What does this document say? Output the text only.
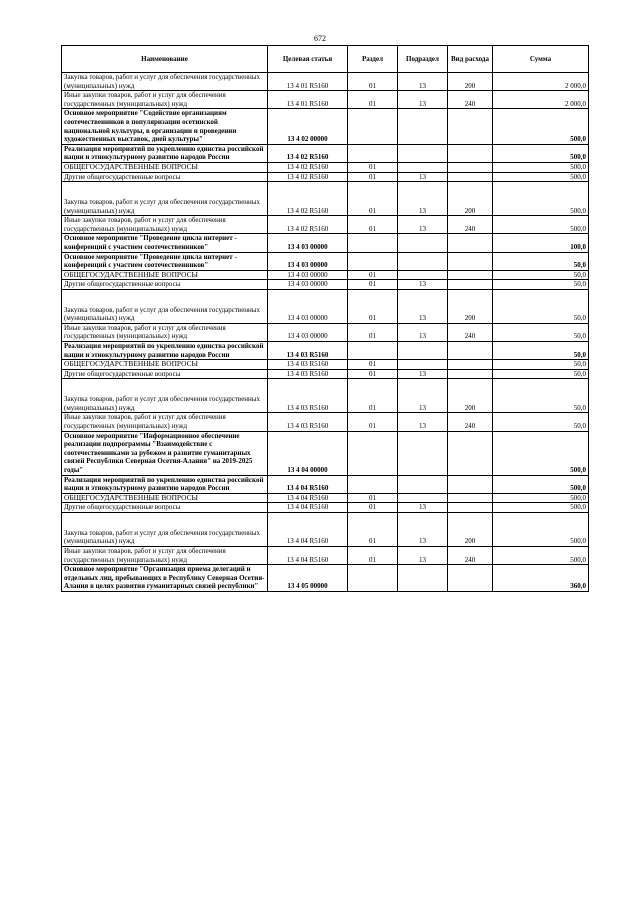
672
Наименование	Целевая статья	Раздел	Подраздел	Вид расхода	Сумма
Закупка товаров, работ и услуг для обеспечения государственных (муниципальных) нужд	13 4 01 R5160	01	13	200	2 000,0
Иные закупки товаров, работ и услуг для обеспечения государственных (муниципальных) нужд	13 4 01 R5160	01	13	240	2 000,0
Основное мероприятие "Содействие организациям соотечественников в популяризации осетинской национальной культуры, в организации и проведении художественных выставок, дней культуры"	13 4 02 00000				500,0
Реализация мероприятий по укреплению единства российской нации и этнокультурному развитию народов России	13 4 02 R5160				500,0
ОБЩЕГОСУДАРСТВЕННЫЕ ВОПРОСЫ	13 4 02 R5160	01			500,0
Другие общегосударственные вопросы	13 4 02 R5160	01	13		500,0
Закупка товаров, работ и услуг для обеспечения государственных (муниципальных) нужд	13 4 02 R5160	01	13	200	500,0
Иные закупки товаров, работ и услуг для обеспечения государственных (муниципальных) нужд	13 4 02 R5160	01	13	240	500,0
Основное мероприятие "Проведение цикла интернет - конференций с участием соотечественников"	13 4 03 00000				100,0
Основное мероприятие "Проведение цикла интернет - конференций с участием соотечественников"	13 4 03 00000				50,0
ОБЩЕГОСУДАРСТВЕННЫЕ ВОПРОСЫ	13 4 03 00000	01			50,0
Другие общегосударственные вопросы	13 4 03 00000	01	13		50,0
Закупка товаров, работ и услуг для обеспечения государственных (муниципальных) нужд	13 4 03 00000	01	13	200	50,0
Иные закупки товаров, работ и услуг для обеспечения государственных (муниципальных) нужд	13 4 03 00000	01	13	240	50,0
Реализация мероприятий по укреплению единства российской нации и этнокультурному развитию народов России	13 4 03 R5160				50,0
ОБЩЕГОСУДАРСТВЕННЫЕ ВОПРОСЫ	13 4 03 R5160	01			50,0
Другие общегосударственные вопросы	13 4 03 R5160	01	13		50,0
Закупка товаров, работ и услуг для обеспечения государственных (муниципальных) нужд	13 4 03 R5160	01	13	200	50,0
Иные закупки товаров, работ и услуг для обеспечения государственных (муниципальных) нужд	13 4 03 R5160	01	13	240	50,0
Основное мероприятие "Информационное обеспечение реализации подпрограммы "Взаимодействие с соотечественниками за рубежом и развитие гуманитарных связей Республики Северная Осетия-Алания" на 2019-2025 годы"	13 4 04 00000				500,0
Реализация мероприятий по укреплению единства российской нации и этнокультурному развитию народов России	13 4 04 R5160				500,0
ОБЩЕГОСУДАРСТВЕННЫЕ ВОПРОСЫ	13 4 04 R5160	01			500,0
Другие общегосударственные вопросы	13 4 04 R5160	01	13		500,0
Закупка товаров, работ и услуг для обеспечения государственных (муниципальных) нужд	13 4 04 R5160	01	13	200	500,0
Иные закупки товаров, работ и услуг для обеспечения государственных (муниципальных) нужд	13 4 04 R5160	01	13	240	500,0
Основное мероприятие "Организация приема делегаций и отдельных лиц, пребывающих в Республику Северная Осетия-Алания в целях развития гуманитарных связей республики"	13 4 05 00000				360,0
